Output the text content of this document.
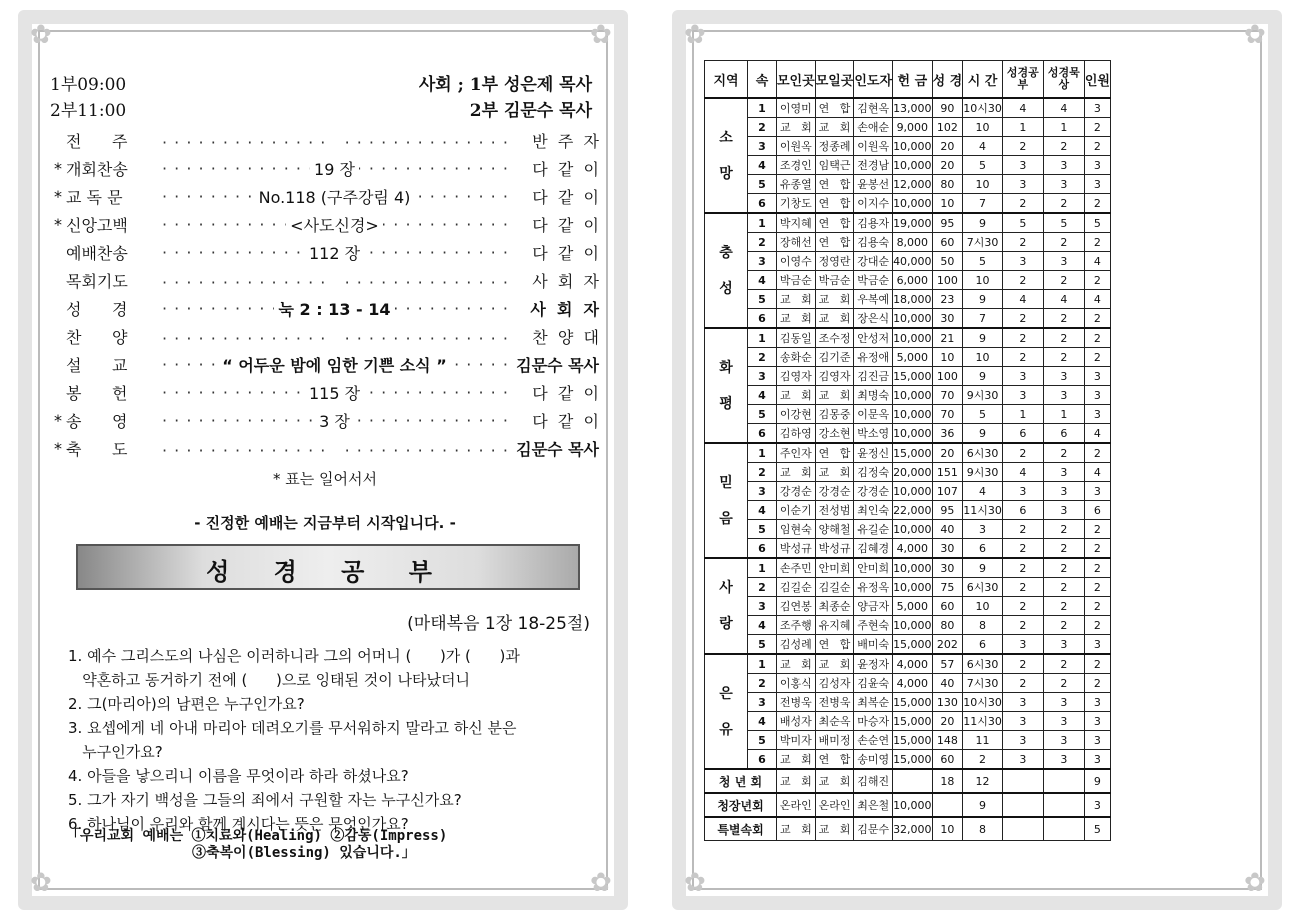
1부09:00
2부11:00
사회 ; 1부 성은제 목사
2부 김문수 목사
전      주 · · ·	반  주  자
* 개회찬송	· · · 19 장	다  같  이
* 교 독 문	· · · No.118 (구주강림 4)	다  같  이
* 신앙고백	· · · <사도신경>	다  같  이
예배찬송	· · · 112 장	다  같  이
목회기도 · · ·	사  회  자
성      경	· · · 눅 2 : 13 - 14	사  회  자
찬      양 · · ·	찬  양  대
설      교	· · · “ 어두운 밤에 임한 기쁜 소식 ”	김문수 목사
봉      헌	· · · 115 장	다  같  이
* 송      영	· · · 3 장	다  같  이
* 축      도 · · ·	김문수 목사
* 표는 일어서서
- 진정한 예배는 지금부터 시작입니다. -
성 경 공 부
(마태복음 1장 18-25절)
1. 예수 그리스도의 나심은 이러하니라 그의 어머니 (      )가 (      )과
약혼하고 동거하기 전에 (      )으로 잉태된 것이 나타났더니
2. 그(마리아)의 남편은 누구인가요?
3. 요셉에게 네 아내 마리아 데려오기를 무서워하지 말라고 하신 분은
누구인가요?
4. 아들을 낳으리니 이름을 무엇이라 하라 하셨나요?
5. 그가 자기 백성을 그들의 죄에서 구원할 자는 누구신가요?
6. 하나님이 우리와 함께 계시다는 뜻은 무엇인가요?
「우리교회 예배는 ①치료와(Healing) ②감동(Impress)
③축복이(Blessing) 있습니다.」
지역	속	모인곳	모일곳	인도자	헌 금	성 경	시 간	성경공부	성경묵상	인원
소

망	1	이영미	연   합	김현옥	13,000	90	10시30	4	4	3
	2	교   회	교   회	손애순	9,000	102	10	1	1	2
	3	이원옥	정종례	이원옥	10,000	20	4	2	2	2
	4	조경인	임택근	전경남	10,000	20	5	3	3	3
	5	유종열	연   합	윤봉선	12,000	80	10	3	3	3
	6	기창도	연   합	이지수	10,000	10	7	2	2	2
충

성	1	박지혜	연   합	김용자	19,000	95	9	5	5	5
	2	장해선	연   합	김용숙	8,000	60	7시30	2	2	2
	3	이영수	정영란	강대순	40,000	50	5	3	3	4
	4	박금순	박금순	박금순	6,000	100	10	2	2	2
	5	교   회	교   회	우복예	18,000	23	9	4	4	4
	6	교   회	교   회	장은식	10,000	30	7	2	2	2
화

평	1	김동일	조수정	안성저	10,000	21	9	2	2	2
	2	송화순	김기준	유정애	5,000	10	10	2	2	2
	3	김영자	김영자	김진금	15,000	100	9	3	3	3
	4	교   회	교   회	최명숙	10,000	70	9시30	3	3	3
	5	이강현	김몽중	이문옥	10,000	70	5	1	1	3
	6	김하영	강소현	박소영	10,000	36	9	6	6	4
믿

음	1	주인자	연   합	윤정신	15,000	20	6시30	2	2	2
	2	교   회	교   회	김정숙	20,000	151	9시30	4	3	4
	3	강경순	강경순	강경순	10,000	107	4	3	3	3
	4	이순기	전성범	최인숙	22,000	95	11시30	6	3	6
	5	임현숙	양해철	유길순	10,000	40	3	2	2	2
	6	박성규	박성규	김혜경	4,000	30	6	2	2	2
사

랑	1	손주민	안미희	안미희	10,000	30	9	2	2	2
	2	김길순	김길순	유정옥	10,000	75	6시30	2	2	2
	3	김연봉	최종순	양금자	5,000	60	10	2	2	2
	4	조주행	유지혜	주현숙	10,000	80	8	2	2	2
	5	김성례	연   합	배미숙	15,000	202	6	3	3	3
은

유	1	교   회	교   회	윤정자	4,000	57	6시30	2	2	2
	2	이홍식	김성자	김윤숙	4,000	40	7시30	2	2	2
	3	전병욱	전병욱	최복순	15,000	130	10시30	3	3	3
	4	배성자	최순옥	마승자	15,000	20	11시30	3	3	3
	5	박미자	배미정	손순연	15,000	148	11	3	3	3
	6	교   회	연   합	송미영	15,000	60	2	3	3	3
청 년 회		교   회	교   회	김해진		18	12			9
청장년회		온라인	온라인	최은철	10,000		9			3
특별속회		교   회	교   회	김문수	32,000	10	8			5
✿	✿
✿	✿
✿	✿
✿	✿
